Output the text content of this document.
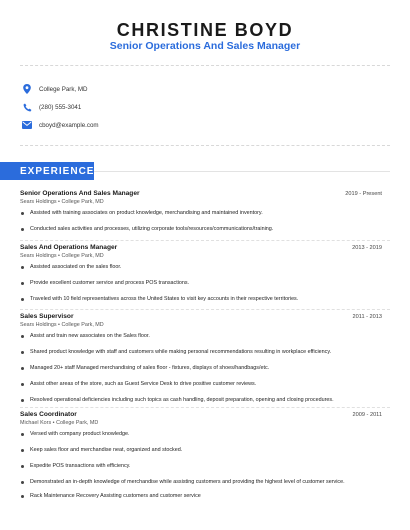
CHRISTINE BOYD
Senior Operations And Sales Manager
College Park, MD
(280) 555-3041
cboyd@example.com
EXPERIENCE
Senior Operations And Sales Manager	2019 - Present
Sears Holdings • College Park, MD
Assisted with training associates on product knowledge, merchandising and maintained inventory.
Conducted sales activities and processes, utilizing corporate tools/resources/communications/training.
Sales And Operations Manager	2013 - 2019
Sears Holdings • College Park, MD
Assisted associated on the sales floor.
Provide excellent customer service and process POS transactions.
Traveled with 10 field representatives across the United States to visit key accounts in their respective territories.
Sales Supervisor	2011 - 2013
Sears Holdings • College Park, MD
Assist and train new associates on the Sales floor.
Shared product knowledge with staff and customers while making personal recommendations resulting in workplace efficiency.
Managed 20+ staff Managed merchandising of sales floor - fixtures, displays of shoes/handbags/etc.
Assist other areas of the store, such as Guest Service Desk to drive positive customer reviews.
Resolved operational deficiencies including such topics as cash handling, deposit preparation, opening and closing procedures.
Sales Coordinator	2009 - 2011
Michael Kors • College Park, MD
Versed with company product knowledge.
Keep sales floor and merchandise neat, organized and stocked.
Expedite POS transactions with efficiency.
Demonstrated an in-depth knowledge of merchandise while assisting customers and providing the highest level of customer service.
Rack Maintenance Recovery Assisting customers and customer service
